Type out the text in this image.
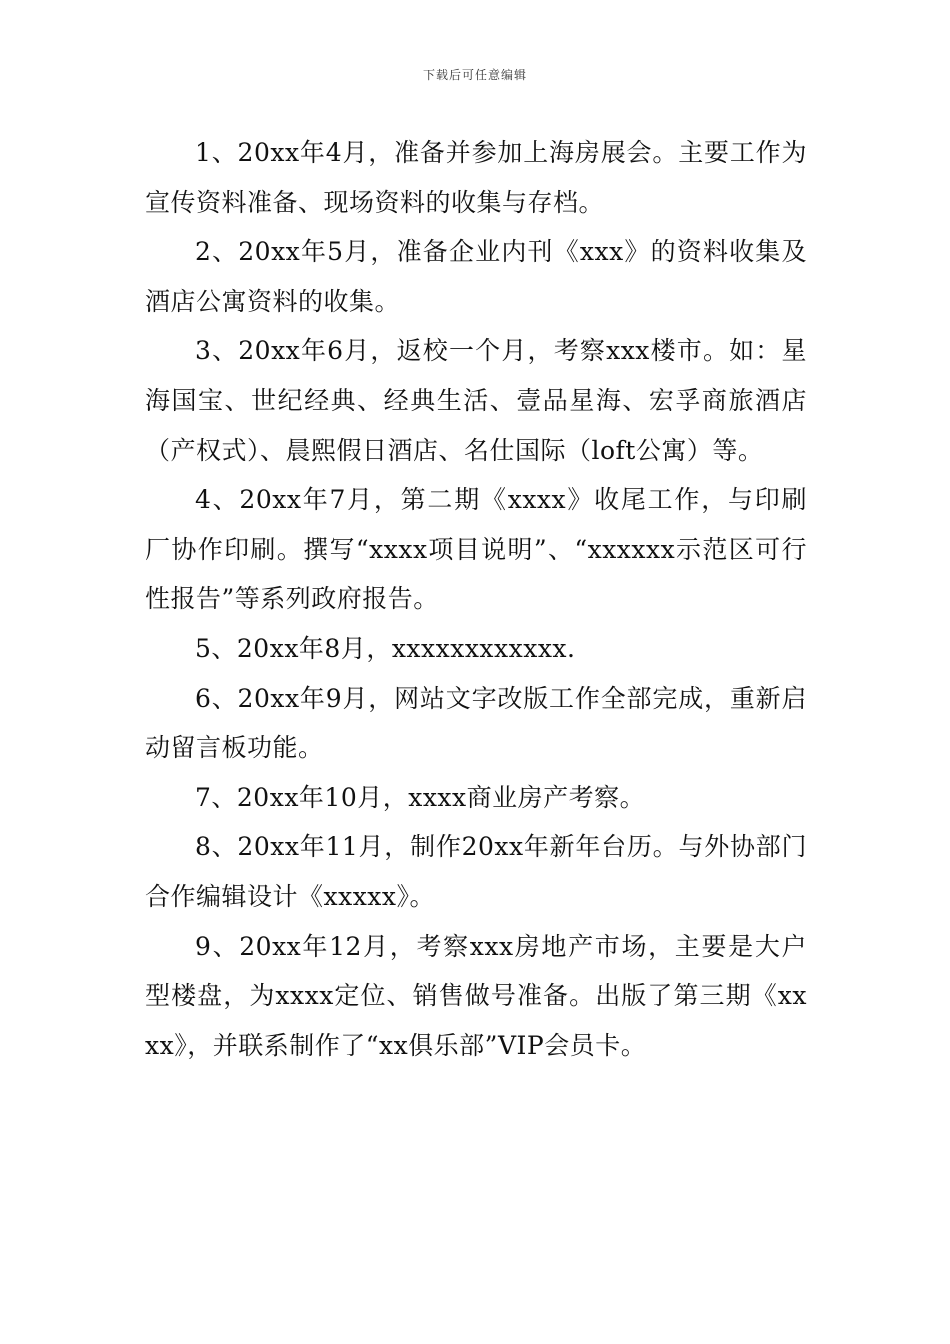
下载后可任意编辑

1、20xx年4月，准备并参加上海房展会。主要工作为宣传资料准备、现场资料的收集与存档。

2、20xx年5月，准备企业内刊《xxx》的资料收集及酒店公寓资料的收集。

3、20xx年6月，返校一个月，考察xxx楼市。如：星海国宝、世纪经典、经典生活、壹品星海、宏孚商旅酒店（产权式）、晨熙假日酒店、名仕国际（loft公寓）等。

4、20xx年7月，第二期《xxxx》收尾工作，与印刷厂协作印刷。撰写“xxxx项目说明”、“xxxxxx示范区可行性报告”等系列政府报告。

5、20xx年8月，xxxxxxxxxxxx.

6、20xx年9月，网站文字改版工作全部完成，重新启动留言板功能。

7、20xx年10月，xxxx商业房产考察。

8、20xx年11月，制作20xx年新年台历。与外协部门合作编辑设计《xxxxx》。

9、20xx年12月，考察xxx房地产市场，主要是大户型楼盘，为xxxx定位、销售做号准备。出版了第三期《xxxx》，并联系制作了“xx俱乐部”VIP会员卡。
